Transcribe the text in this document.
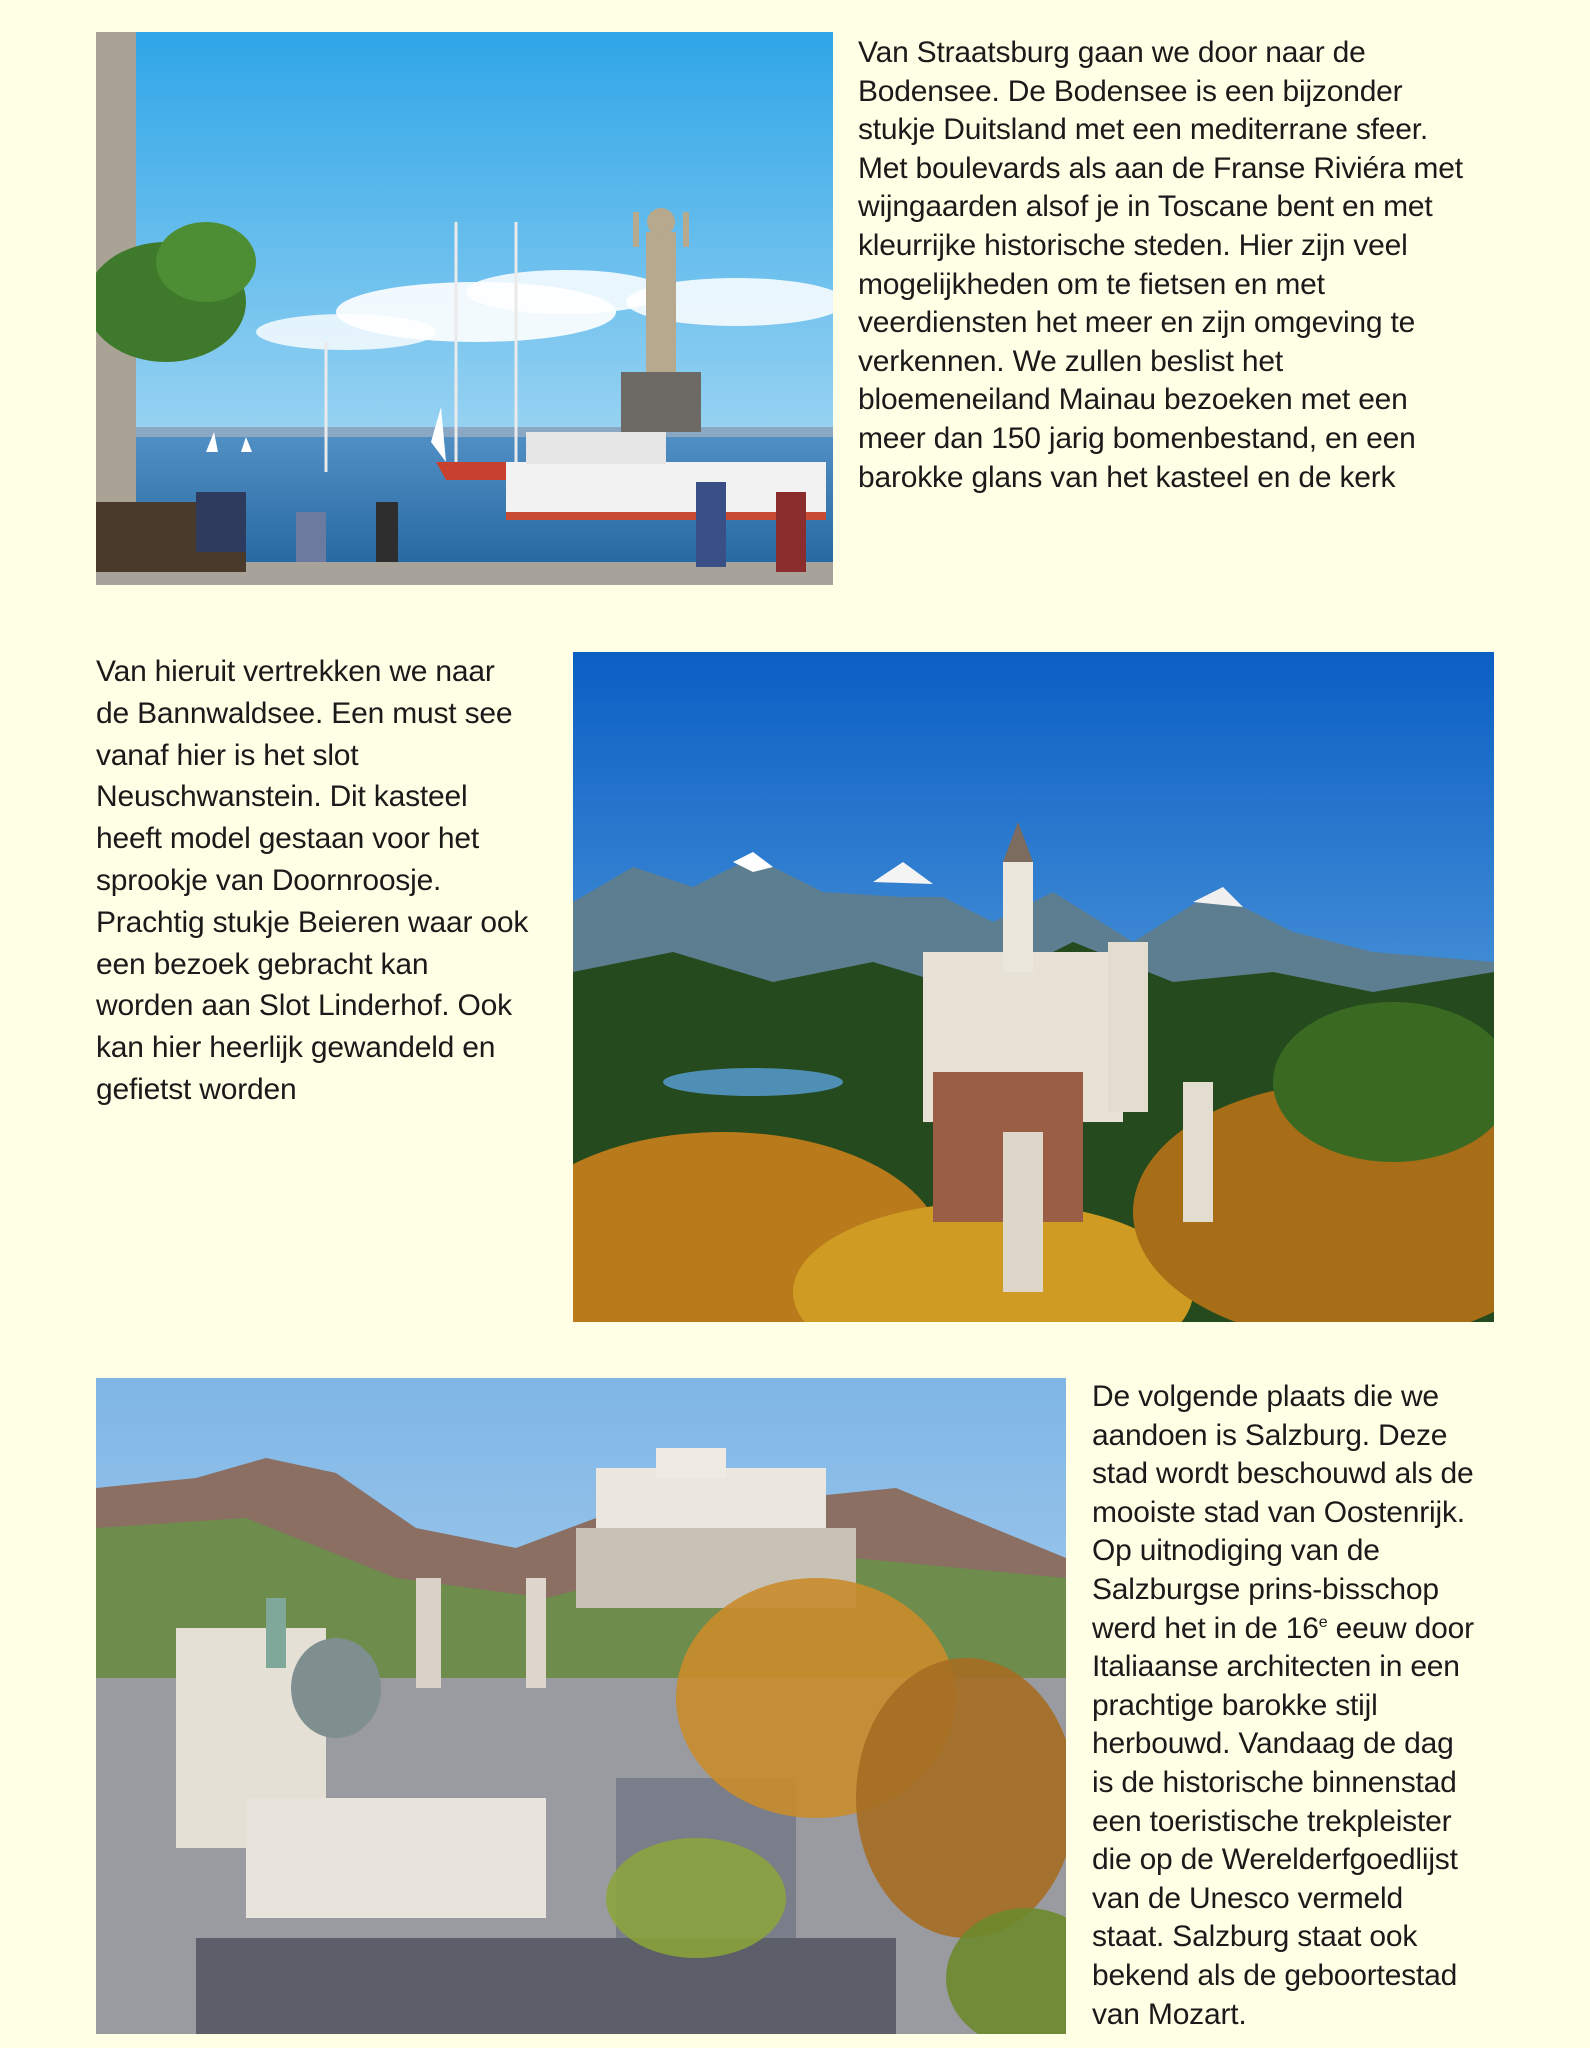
Van Straatsburg gaan we door naar de
Bodensee. De Bodensee is een bijzonder
stukje Duitsland met een mediterrane sfeer.
Met boulevards als aan de Franse Riviéra met
wijngaarden alsof je in Toscane bent en met
kleurrijke historische steden. Hier zijn veel
mogelijkheden om te fietsen en met
veerdiensten het meer en zijn omgeving te
verkennen. We zullen beslist het
bloemeneiland Mainau bezoeken met een
meer dan 150 jarig bomenbestand, en een
barokke glans van het kasteel en de kerk

Van hieruit vertrekken we naar
de Bannwaldsee. Een must see
vanaf hier is het slot
Neuschwanstein. Dit kasteel
heeft model gestaan voor het
sprookje van Doornroosje.
Prachtig stukje Beieren waar ook
een bezoek gebracht kan
worden aan Slot Linderhof. Ook
kan hier heerlijk gewandeld en
gefietst worden

De volgende plaats die we
aandoen is Salzburg. Deze
stad wordt beschouwd als de
mooiste stad van Oostenrijk.
Op uitnodiging van de
Salzburgse prins-bisschop
werd het in de 16e eeuw door
Italiaanse architecten in een
prachtige barokke stijl
herbouwd. Vandaag de dag
is de historische binnenstad
een toeristische trekpleister
die op de Werelderfgoedlijst
van de Unesco vermeld
staat. Salzburg staat ook
bekend als de geboortestad
van Mozart.
